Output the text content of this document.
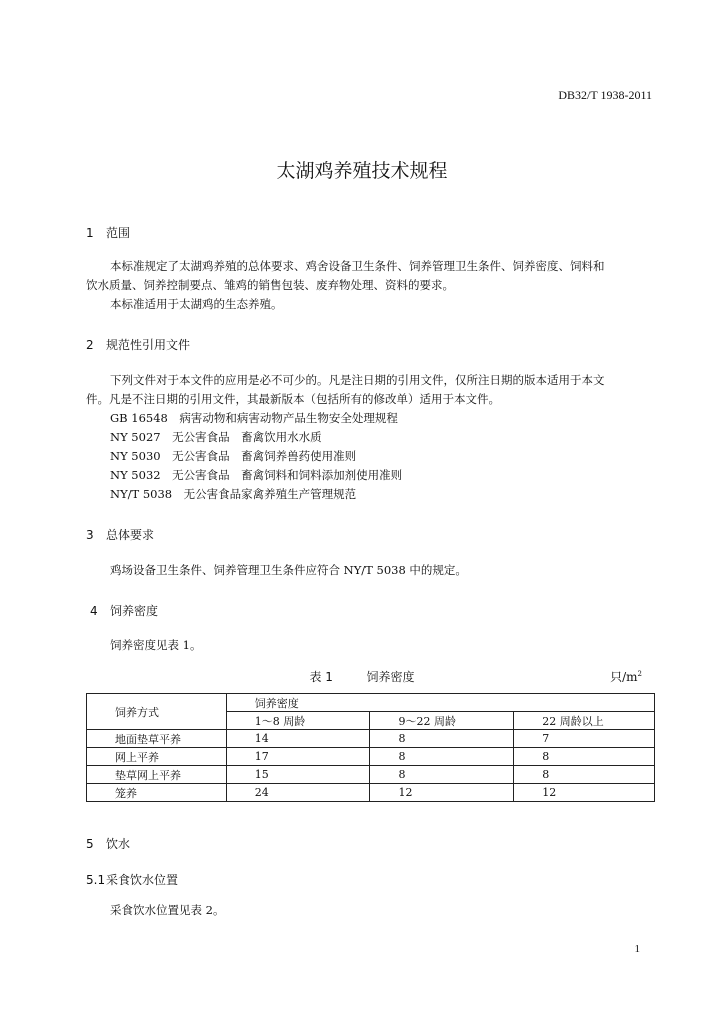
DB32/T 1938-2011
太湖鸡养殖技术规程
1 范围
本标准规定了太湖鸡养殖的总体要求、鸡舍设备卫生条件、饲养管理卫生条件、饲养密度、饲料和
饮水质量、饲养控制要点、雏鸡的销售包装、废弃物处理、资料的要求。
本标准适用于太湖鸡的生态养殖。
2 规范性引用文件
下列文件对于本文件的应用是必不可少的。凡是注日期的引用文件，仅所注日期的版本适用于本文
件。凡是不注日期的引用文件，其最新版本（包括所有的修改单）适用于本文件。
GB 16548　病害动物和病害动物产品生物安全处理规程
NY 5027　无公害食品　畜禽饮用水水质
NY 5030　无公害食品　畜禽饲养兽药使用准则
NY 5032　无公害食品　畜禽饲料和饲料添加剂使用准则
NY/T 5038　无公害食品家禽养殖生产管理规范
3 总体要求
鸡场设备卫生条件、饲养管理卫生条件应符合 NY/T 5038 中的规定。
4 饲养密度
饲养密度见表 1。
表 1	饲养密度	只$/m^2$
饲养方式	饲养密度		
	1～8 周龄	9～22 周龄	22 周龄以上
地面垫草平养	14	8	7
网上平养	17	8	8
垫草网上平养	15	8	8
笼养	24	12	12
5 饮水
5.1采食饮水位置
采食饮水位置见表 2。
1
